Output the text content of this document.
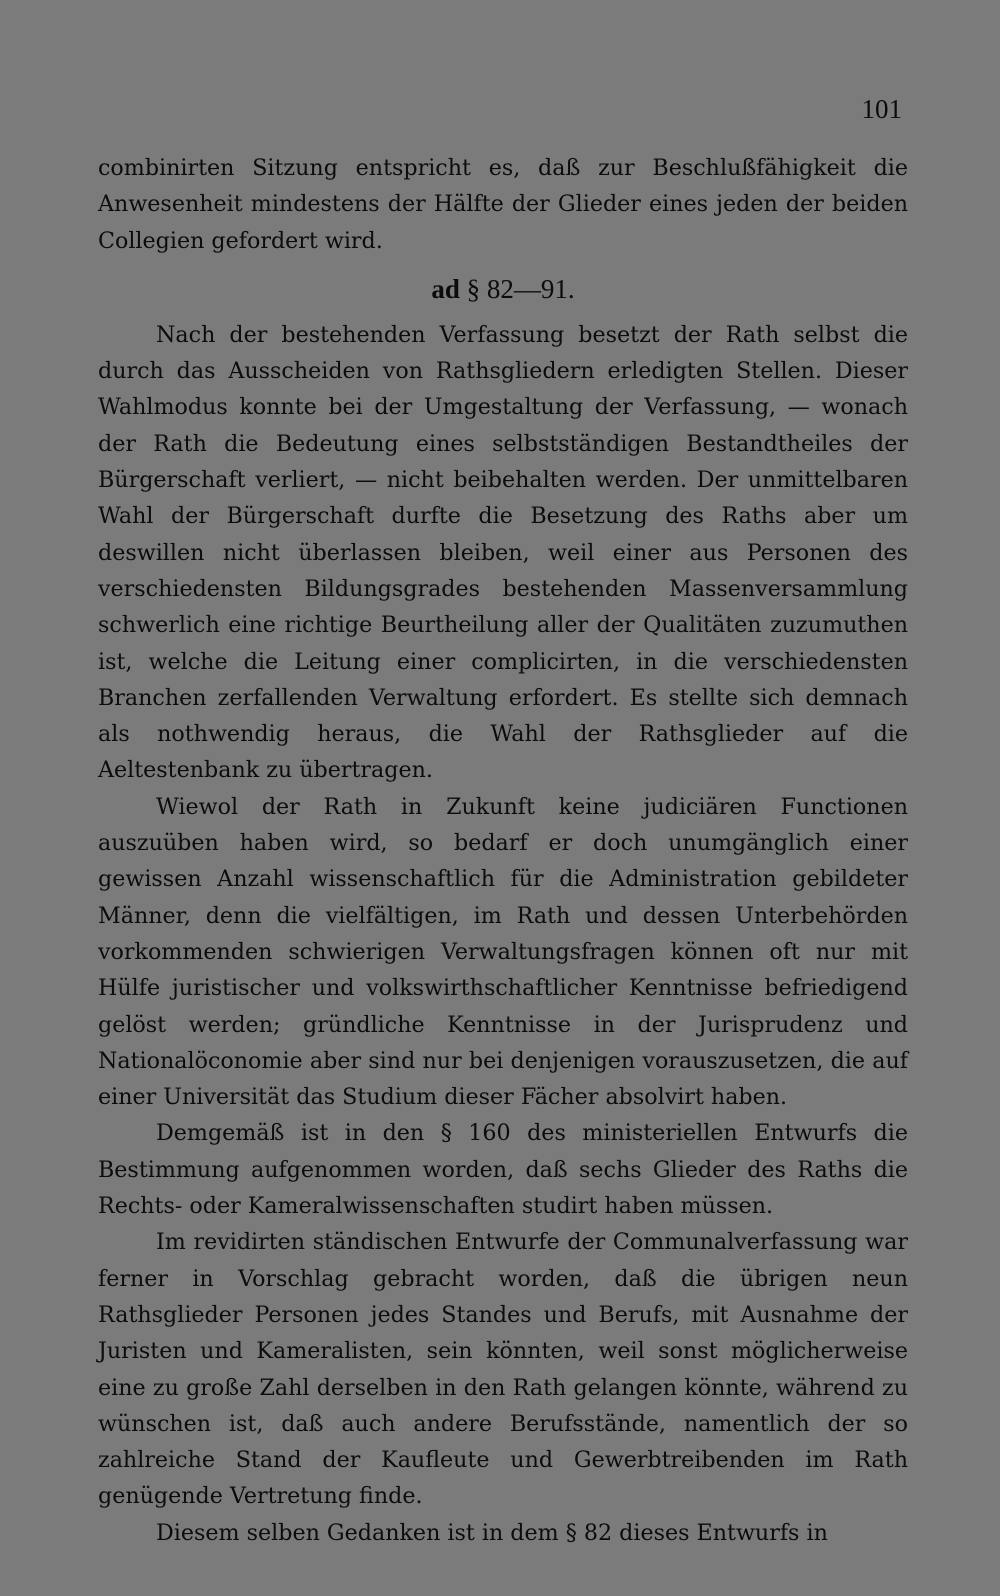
101

combinirten Sitzung entspricht es, daß zur Beschlußfähigkeit die Anwesenheit mindestens der Hälfte der Glieder eines jeden der beiden Collegien gefordert wird.

ad § 82—91.

Nach der bestehenden Verfassung besetzt der Rath selbst die durch das Ausscheiden von Rathsgliedern erledigten Stellen. Dieser Wahlmodus konnte bei der Umgestaltung der Verfassung, — wonach der Rath die Bedeutung eines selbstständigen Bestandtheiles der Bürgerschaft verliert, — nicht beibehalten werden. Der unmittelbaren Wahl der Bürgerschaft durfte die Besetzung des Raths aber um deswillen nicht überlassen bleiben, weil einer aus Personen des verschiedensten Bildungsgrades bestehenden Massenversammlung schwerlich eine richtige Beurtheilung aller der Qualitäten zuzumuthen ist, welche die Leitung einer complicirten, in die verschiedensten Branchen zerfallenden Verwaltung erfordert. Es stellte sich demnach als nothwendig heraus, die Wahl der Rathsglieder auf die Aeltestenbank zu übertragen.

Wiewol der Rath in Zukunft keine judiciären Functionen auszuüben haben wird, so bedarf er doch unumgänglich einer gewissen Anzahl wissenschaftlich für die Administration gebildeter Männer, denn die vielfältigen, im Rath und dessen Unterbehörden vorkommenden schwierigen Verwaltungsfragen können oft nur mit Hülfe juristischer und volkswirthschaftlicher Kenntnisse befriedigend gelöst werden; gründliche Kenntnisse in der Jurisprudenz und Nationalöconomie aber sind nur bei denjenigen vorauszusetzen, die auf einer Universität das Studium dieser Fächer absolvirt haben.

Demgemäß ist in den § 160 des ministeriellen Entwurfs die Bestimmung aufgenommen worden, daß sechs Glieder des Raths die Rechts- oder Kameralwissenschaften studirt haben müssen.

Im revidirten ständischen Entwurfe der Communalverfassung war ferner in Vorschlag gebracht worden, daß die übrigen neun Rathsglieder Personen jedes Standes und Berufs, mit Ausnahme der Juristen und Kameralisten, sein könnten, weil sonst möglicherweise eine zu große Zahl derselben in den Rath gelangen könnte, während zu wünschen ist, daß auch andere Berufsstände, namentlich der so zahlreiche Stand der Kaufleute und Gewerbtreibenden im Rath genügende Vertretung finde.

Diesem selben Gedanken ist in dem § 82 dieses Entwurfs in
